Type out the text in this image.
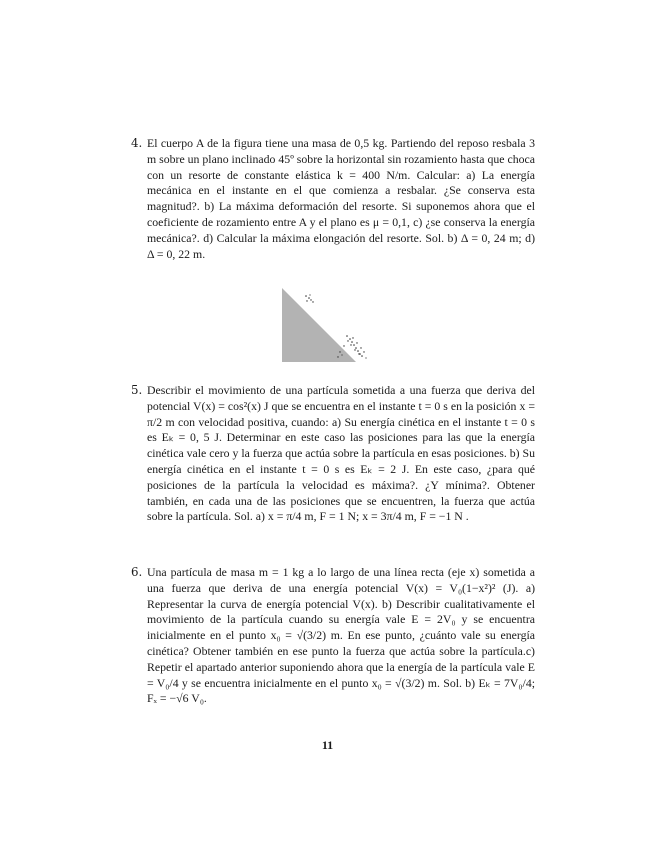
4. El cuerpo A de la figura tiene una masa de 0,5 kg. Partiendo del reposo resbala 3 m sobre un plano inclinado 45º sobre la horizontal sin rozamiento hasta que choca con un resorte de constante elástica k = 400 N/m. Calcular: a) La energía mecánica en el instante en el que comienza a resbalar. ¿Se conserva esta magnitud?. b) La máxima deformación del resorte. Si suponemos ahora que el coeficiente de rozamiento entre A y el plano es μ = 0,1, c) ¿se conserva la energía mecánica?. d) Calcular la máxima elongación del resorte. Sol. b) Δ = 0, 24 m; d) Δ = 0, 22 m.
5. Describir el movimiento de una partícula sometida a una fuerza que deriva del potencial V(x) = cos²(x) J que se encuentra en el instante t = 0 s en la posición x = π/2 m con velocidad positiva, cuando: a) Su energía cinética en el instante t = 0 s es Eₖ = 0, 5 J. Determinar en este caso las posiciones para las que la energía cinética vale cero y la fuerza que actúa sobre la partícula en esas posiciones. b) Su energía cinética en el instante t = 0 s es Eₖ = 2 J. En este caso, ¿para qué posiciones de la partícula la velocidad es máxima?. ¿Y mínima?. Obtener también, en cada una de las posiciones que se encuentren, la fuerza que actúa sobre la partícula. Sol. a) x = π/4 m, F = 1 N; x = 3π/4 m, F = −1 N .
6. Una partícula de masa m = 1 kg a lo largo de una línea recta (eje x) sometida a una fuerza que deriva de una energía potencial V(x) = V₀(1−x²)² (J). a) Representar la curva de energía potencial V(x). b) Describir cualitativamente el movimiento de la partícula cuando su energía vale E = 2V₀ y se encuentra inicialmente en el punto x₀ = √(3/2) m. En ese punto, ¿cuánto vale su energía cinética? Obtener también en ese punto la fuerza que actúa sobre la partícula.c) Repetir el apartado anterior suponiendo ahora que la energía de la partícula vale E = V₀/4 y se encuentra inicialmente en el punto x₀ = √(3/2) m. Sol. b) Eₖ = 7V₀/4; Fₓ = −√6 V₀.
11
